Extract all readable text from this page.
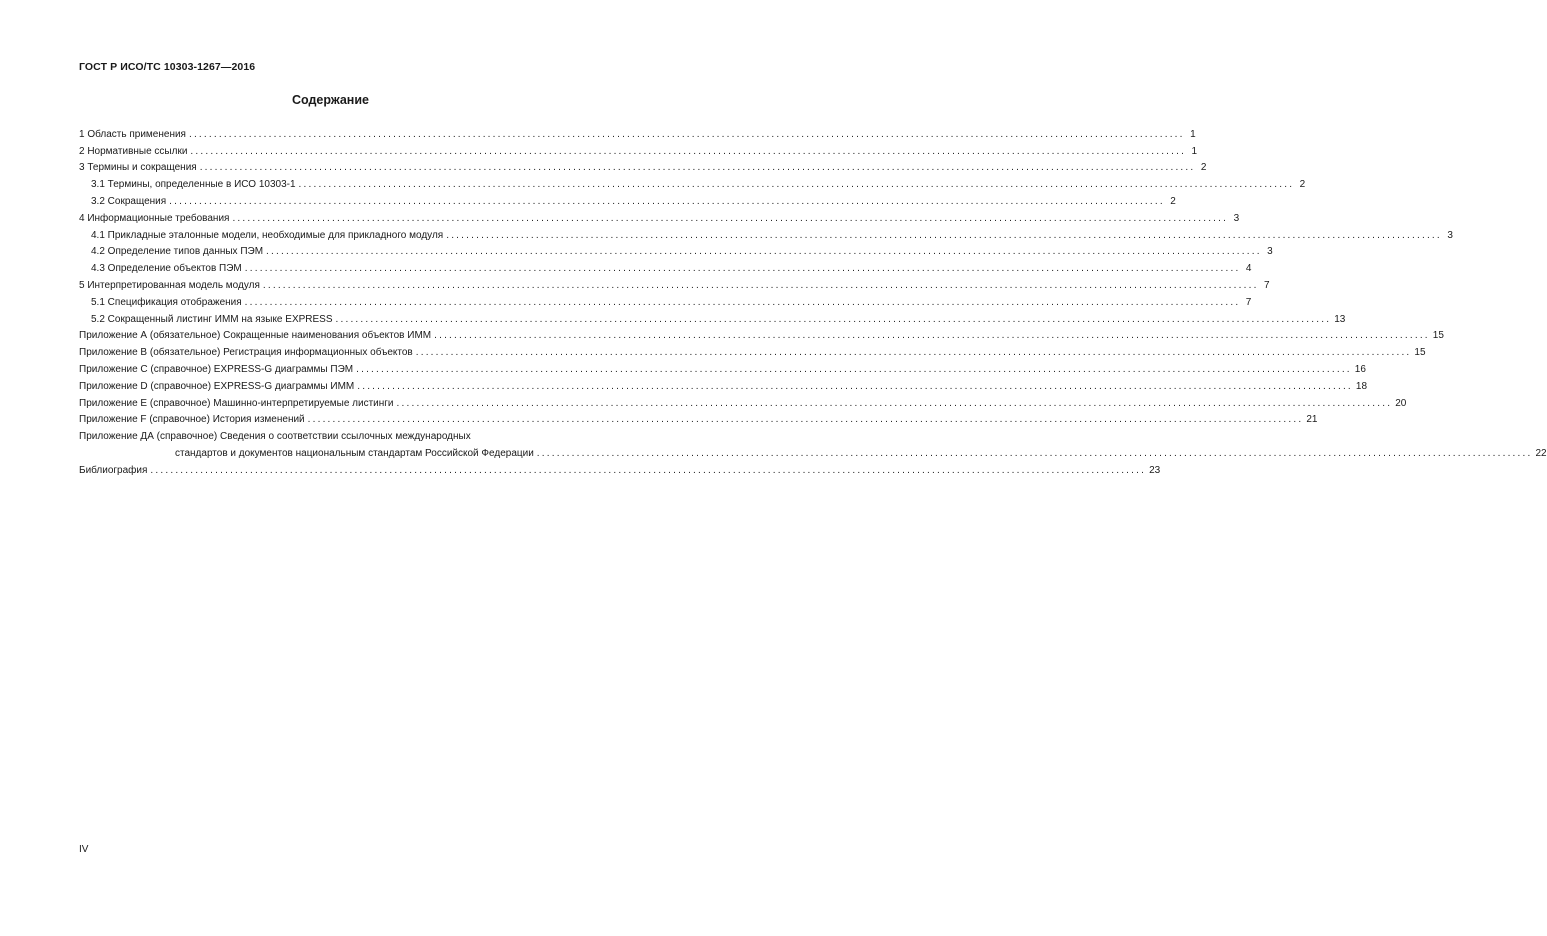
ГОСТ Р ИСО/ТС 10303-1267—2016
Содержание
1 Область применения ........................................................................................................................................................................................................ 1
2 Нормативные ссылки ........................................................................................................................................................................................................ 1
3 Термины и сокращения ........................................................................................................................................................................................................ 2
3.1 Термины, определенные в ИСО 10303-1 ........................................................................................................................................................................................................ 2
3.2 Сокращения ........................................................................................................................................................................................................ 2
4 Информационные требования ........................................................................................................................................................................................................ 3
4.1 Прикладные эталонные модели, необходимые для прикладного модуля ........................................................................................................................................................................................................ 3
4.2 Определение типов данных ПЭМ ........................................................................................................................................................................................................ 3
4.3 Определение объектов ПЭМ ........................................................................................................................................................................................................ 4
5 Интерпретированная модель модуля ........................................................................................................................................................................................................ 7
5.1 Спецификация отображения ........................................................................................................................................................................................................ 7
5.2 Сокращенный листинг ИММ на языке EXPRESS ........................................................................................................................................................................................................ 13
Приложение А (обязательное) Сокращенные наименования объектов ИММ ........................................................................................................................................................................................................ 15
Приложение В (обязательное) Регистрация информационных объектов ........................................................................................................................................................................................................ 15
Приложение С (справочное) EXPRESS-G диаграммы ПЭМ ........................................................................................................................................................................................................ 16
Приложение D (справочное) EXPRESS-G диаграммы ИММ ........................................................................................................................................................................................................ 18
Приложение Е (справочное) Машинно-интерпретируемые листинги ........................................................................................................................................................................................................ 20
Приложение F (справочное) История изменений ........................................................................................................................................................................................................ 21
Приложение ДА (справочное) Сведения о соответствии ссылочных международных
стандартов и документов национальным стандартам Российской Федерации ........................................................................................................................................................................................................ 22
Библиография ........................................................................................................................................................................................................ 23
IV
